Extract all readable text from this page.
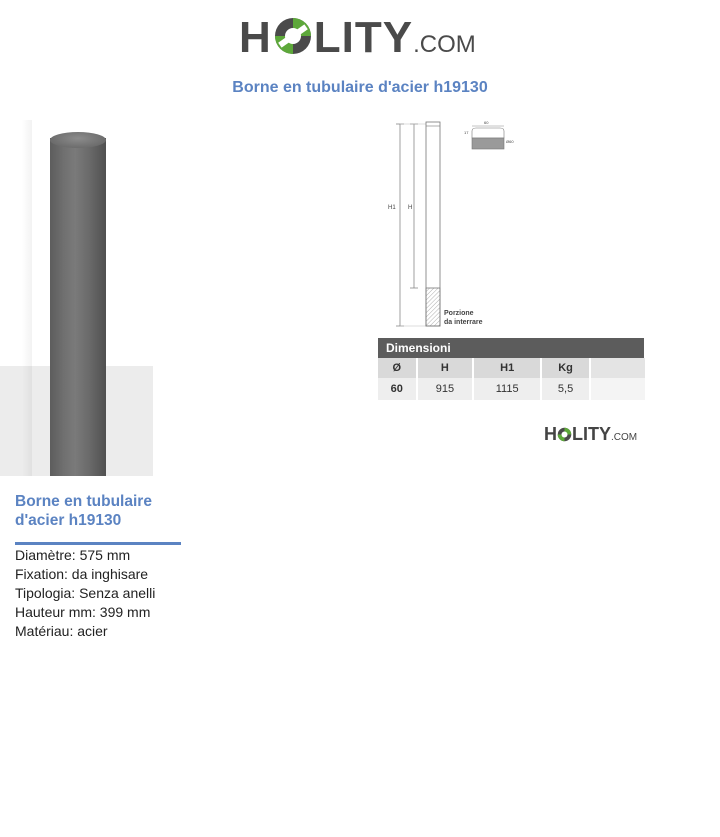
H LITY.COM
Borne en tubulaire d'acier h19130
H1 H
Porzione
da interrare
60
17
Ø60
Dimensioni				
Ø	H	H1	Kg	
60	915	1115	5,5	
H LITY.COM
Borne en tubulaire d'acier h19130
Diamètre: 575 mm
Fixation: da inghisare
Tipologia: Senza anelli
Hauteur mm: 399 mm
Matériau: acier
